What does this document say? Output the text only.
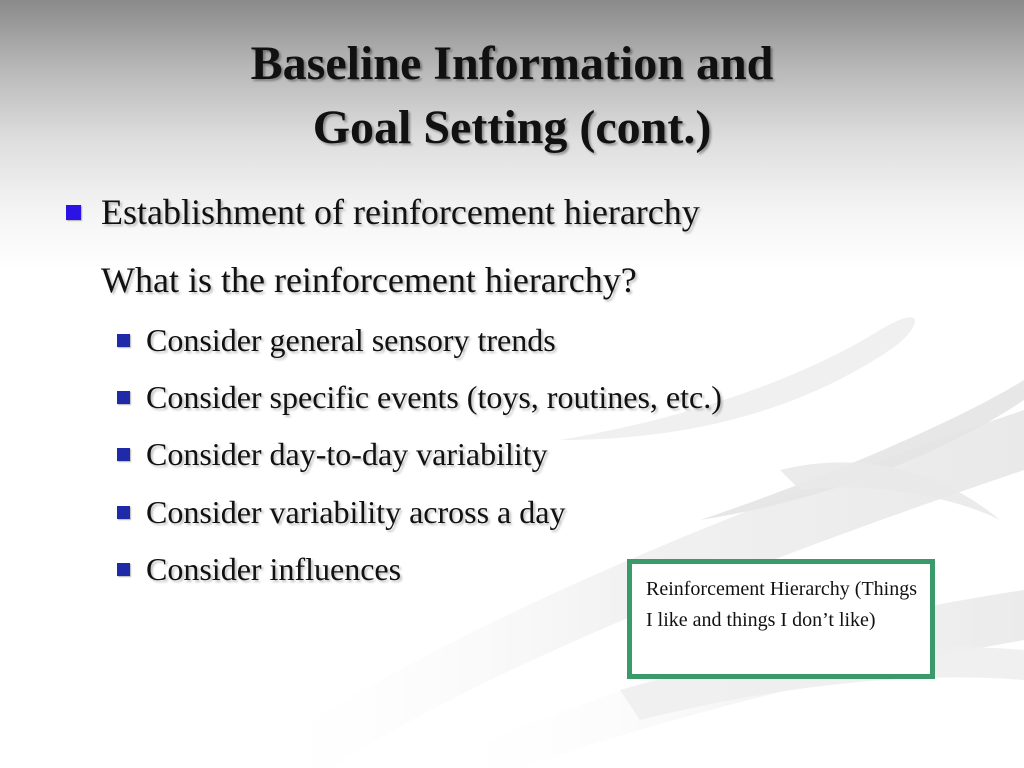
Baseline Information and
Goal Setting (cont.)
Establishment of reinforcement hierarchy
What is the reinforcement hierarchy?
Consider general sensory trends
Consider specific events (toys, routines, etc.)
Consider day-to-day variability
Consider variability across a day
Consider influences
Reinforcement Hierarchy (Things I like and things I don’t like)
